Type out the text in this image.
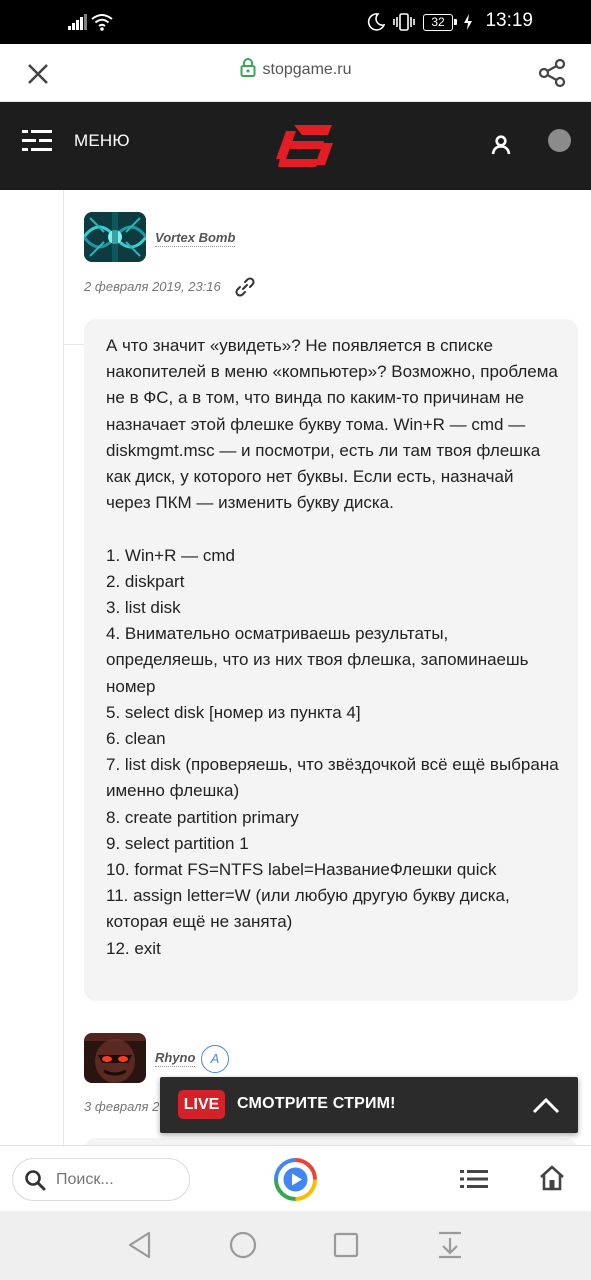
32	13:19
stopgame.ru
МЕНЮ
Vortex Bomb
2 февраля 2019, 23:16

А что значит «увидеть»? Не появляется в списке накопителей в меню «компьютер»? Возможно, проблема не в ФС, а в том, что винда по каким-то причинам не назначает этой флешке букву тома. Win+R — cmd — diskmgmt.msc — и посмотри, есть ли там твоя флешка как диск, у которого нет буквы. Если есть, назначай через ПКМ — изменить букву диска.

1. Win+R — cmd
2. diskpart
3. list disk
4. Внимательно осматриваешь результаты, определяешь, что из них твоя флешка, запоминаешь номер
5. select disk [номер из пункта 4]
6. clean
7. list disk (проверяешь, что звёздочкой всё ещё выбрана именно флешка)
8. create partition primary
9. select partition 1
10. format FS=NTFS label=НазваниеФлешки quick
11. assign letter=W (или любую другую букву диска, которая ещё не занята)
12. exit

Rhyno	A
3 февраля 2	LIVE	СМОТРИТЕ СТРИМ!
Поиск...
